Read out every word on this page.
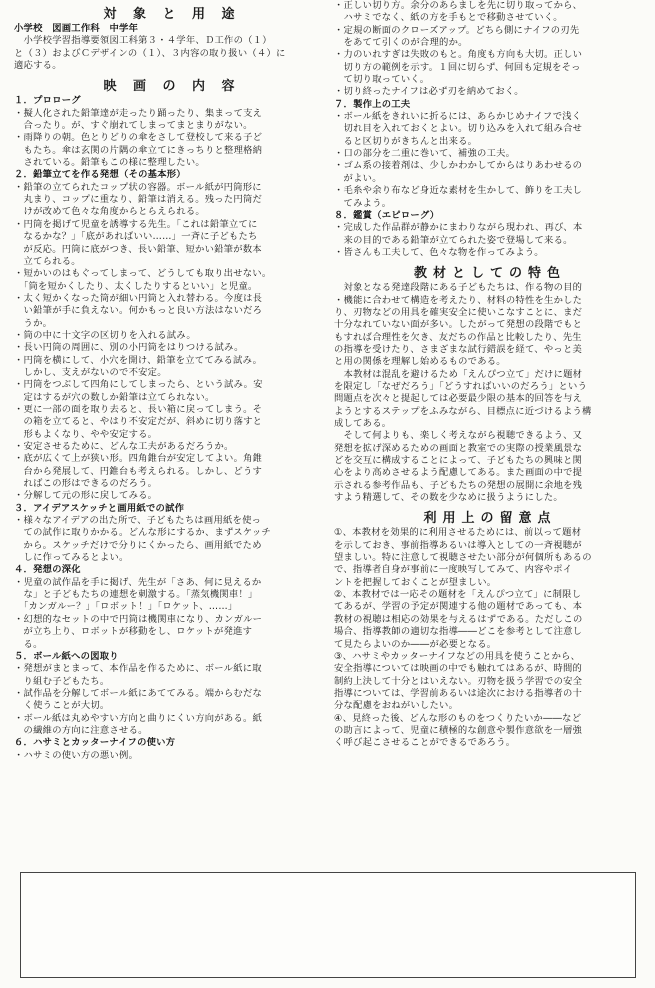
対 象 と 用 途

小学校　図画工作科　中学年

　小学校学習指導要領図工科第３・４学年、Ｄ工作の（１）

と（３）およびＣデザインの（１）、３内容の取り扱い（４）に

適応する。

映 画 の 内 容

１．プロローグ

・擬人化された鉛筆達が走ったり踊ったり、集まって支え

　合ったり。が、すぐ崩れてしまってまとまりがない。

・雨降りの朝。色とりどりの傘をさして登校して来る子ど

　もたち。傘は玄関の片隅の傘立てにきっちりと整理格納

　されている。鉛筆もこの様に整理したい。

２．鉛筆立てを作る発想（その基本形）

・鉛筆の立てられたコップ状の容器。ボール紙が円筒形に

　丸まり、コップに重なり、鉛筆は消える。残った円筒だ

　けが改めて色々な角度からとらえられる。

・円筒を掲げて児童を誘導する先生。「これは鉛筆立てに

　なるかな？」「底があればいい……」一斉に子どもたち

　が反応。円筒に底がつき、長い鉛筆、短かい鉛筆が数本

　立てられる。

・短かいのはもぐってしまって、どうしても取り出せない。

　「筒を短かくしたり、太くしたりするといい」と児童。

・太く短かくなった筒が細い円筒と入れ替わる。今度は長

　い鉛筆が手に負えない。何かもっと良い方法はないだろ

　うか。

・筒の中に十文字の区切りを入れる試み。

・長い円筒の周囲に、別の小円筒をはりつける試み。

・円筒を横にして、小穴を開け、鉛筆を立ててみる試み。

　しかし、支えがないので不安定。

・円筒をつぶして四角にしてしまったら、という試み。安

　定はするが穴の数しか鉛筆は立てられない。

・更に一部の面を取り去ると、長い箱に戻ってしまう。そ

　の箱を立てると、やはり不安定だが、斜めに切り落すと

　形もよくなり、やや安定する。

・安定させるために、どんな工夫があるだろうか。

・底が広くて上が狭い形。四角錐台が安定してよい。角錐

　台から発展して、円錐台も考えられる。しかし、どうす

　ればこの形はできるのだろう。

・分解して元の形に戻してみる。

３．アイデアスケッチと画用紙での試作

・様々なアイデアの出た所で、子どもたちは画用紙を使っ

　ての試作に取りかかる。どんな形にするか、まずスケッチ

　から。スケッチだけで分りにくかったら、画用紙でため

　しに作ってみるとよい。

４．発想の深化

・児童の試作品を手に掲げ、先生が「さあ、何に見えるか

　な」と子どもたちの連想を刺激する。「蒸気機関車！」

　「カンガルー？」「ロボット！」「ロケット、……」

・幻想的なセットの中で円筒は機関車になり、カンガルー

　が立ち上り、ロボットが移動をし、ロケットが発進す

　る。

５．ボール紙への図取り

・発想がまとまって、本作品を作るために、ボール紙に取

　り組む子どもたち。

・試作品を分解してボール紙にあててみる。端からむだな

　く使うことが大切。

・ボール紙は丸めやすい方向と曲りにくい方向がある。紙

　の繊維の方向に注意させる。

６．ハサミとカッターナイフの使い方

・ハサミの使い方の悪い例。

・正しい切り方。余分のあらましを先に切り取ってから、

　ハサミでなく、紙の方を手もとで移動させていく。

・定規の断面のクローズアップ。どちら側にナイフの刃先

　をあてて引くのが合理的か。

・力のいれすぎは失敗のもと。角度も方向も大切。正しい

　切り方の範例を示す。１回に切らず、何回も定規をそっ

　て切り取っていく。

・切り終ったナイフは必ず刃を納めておく。

７．製作上の工夫

・ボール紙をきれいに折るには、あらかじめナイフで浅く

　切れ目を入れておくとよい。切り込みを入れて組み合せ

　ると区切りがきちんと出来る。

・口の部分を二重に巻いて、補強の工夫。

・ゴム系の接着剤は、少しかわかしてからはりあわせるの

　がよい。

・毛糸や余り布など身近な素材を生かして、飾りを工夫し

　てみよう。

８．鑑賞（エピローグ）

・完成した作品群が静かにまわりながら現われ、再び、本

　来の目的である鉛筆が立てられた姿で登場して来る。

・皆さんも工夫して、色々な物を作ってみよう。

教材としての特色

　対象となる発達段階にある子どもたちは、作る物の目的

・機能に合わせて構造を考えたり、材料の特性を生かした

り、刃物などの用具を確実安全に使いこなすことに、まだ

十分なれていない面が多い。したがって発想の段階でもと

もすれば合理性を欠き、友だちの作品と比較したり、先生

の指導を受けたり、さまざまな試行錯誤を経て、やっと美

と用の関係を理解し始めるものである。

　本教材は混乱を避けるため「えんぴつ立て」だけに題材

を限定し「なぜだろう」「どうすればいいのだろう」という

問題点を次々と提起しては必要最少限の基本的回答を与え

ようとするステップをふみながら、目標点に近づけるよう構

成してある。

　そして何よりも、楽しく考えながら視聴できるよう、又

発想を拡げ深めるための画面と教室での実際の授業風景な

どを交互に構成することによって、子どもたちの興味と関

心をより高めさせるよう配慮してある。また画面の中で提

示される参考作品も、子どもたちの発想の展開に余地を残

すよう精選して、その数を少なめに扱うようにした。

利用上の留意点

①、本教材を効果的に利用させるためには、前以って題材

を示しておき、事前指導あるいは導入としての一斉視聴が

望ましい。特に注意して視聴させたい部分が何個所もあるの

で、指導者自身が事前に一度映写してみて、内容やポイ

ントを把握しておくことが望ましい。

②、本教材では一応その題材を「えんぴつ立て」に制限し

てあるが、学習の予定が関連する他の題材であっても、本

教材の視聴は相応の効果を与えるはずである。ただしこの

場合、指導教師の適切な指導――どこを参考として注意し

て見たらよいのか――が必要となる。

③、ハサミやカッターナイフなどの用具を使うことから、

安全指導については映画の中でも触れてはあるが、時間的

制約上決して十分とはいえない。刃物を扱う学習での安全

指導については、学習前あるいは途次における指導者の十

分な配慮をおねがいしたい。

④、見終った後、どんな形のものをつくりたいか――など

の助言によって、児童に積極的な創意や製作意欲を一層強

く呼び起こさせることができるであろう。
